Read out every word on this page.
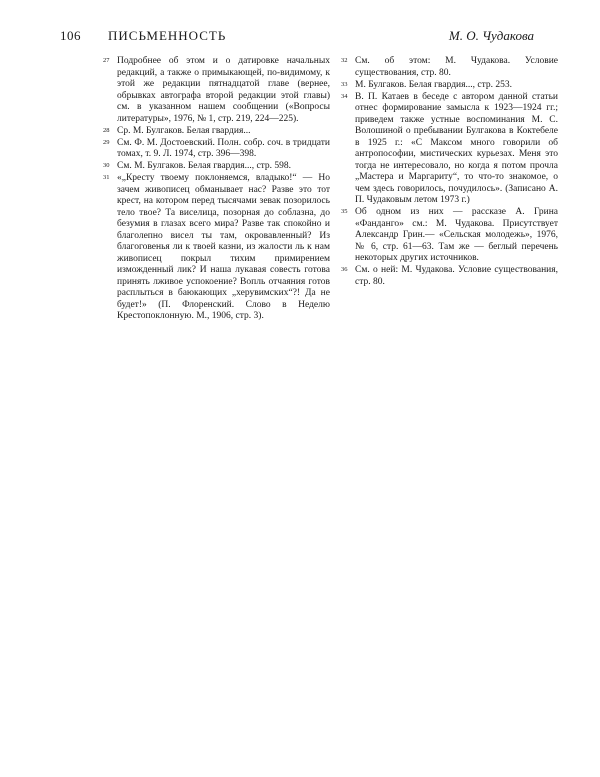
106 ПИСЬМЕННОСТЬ	М. О. Чудакова

27 Подробнее об этом и о датировке начальных редакций, а также о примыкающей, по-видимому, к этой же редакции пятнадцатой главе (вернее, обрывках автографа второй редакции этой главы) см. в указанном нашем сообщении («Вопросы литературы», 1976, № 1, стр. 219, 224—225).

28 Ср. М. Булгаков. Белая гвардия...

29 См. Ф. М. Достоевский. Полн. собр. соч. в тридцати томах, т. 9. Л. 1974, стр. 396—398.

30 См. М. Булгаков. Белая гвардия..., стр. 598.

31 «„Кресту твоему поклоняемся, владыко!“ — Но зачем живописец обманывает нас? Разве это тот крест, на котором перед тысячами зевак позорилось тело твое? Та виселица, позорная до соблазна, до безумия в глазах всего мира? Разве так спокойно и благолепно висел ты там, окровавленный? Из благоговенья ли к твоей казни, из жалости ль к нам живописец покрыл тихим примирением изможденный лик? И наша лукавая совесть готова принять лживое успокоение? Вопль отчаяния готов расплыться в баюкающих „херувимских“?! Да не будет!» (П. Флоренский. Слово в Неделю Крестопоклонную. М., 1906, стр. 3).

32 См. об этом: М. Чудакова. Условие существования, стр. 80.

33 М. Булгаков. Белая гвардия..., стр. 253.

34 В. П. Катаев в беседе с автором данной статьи отнес формирование замысла к 1923—1924 гг.; приведем также устные воспоминания М. С. Волошиной о пребывании Булгакова в Коктебеле в 1925 г.: «С Максом много говорили об антропософии, мистических курьезах. Меня это тогда не интересовало, но когда я потом прочла „Мастера и Маргариту“, то что-то знакомое, о чем здесь говорилось, почудилось». (Записано А. П. Чудаковым летом 1973 г.)

35 Об одном из них — рассказе А. Грина «Фанданго» см.: М. Чудакова. Присутствует Александр Грин.— «Сельская молодежь», 1976, № 6, стр. 61—63. Там же — беглый перечень некоторых других источников.

36 См. о ней: М. Чудакова. Условие существования, стр. 80.
